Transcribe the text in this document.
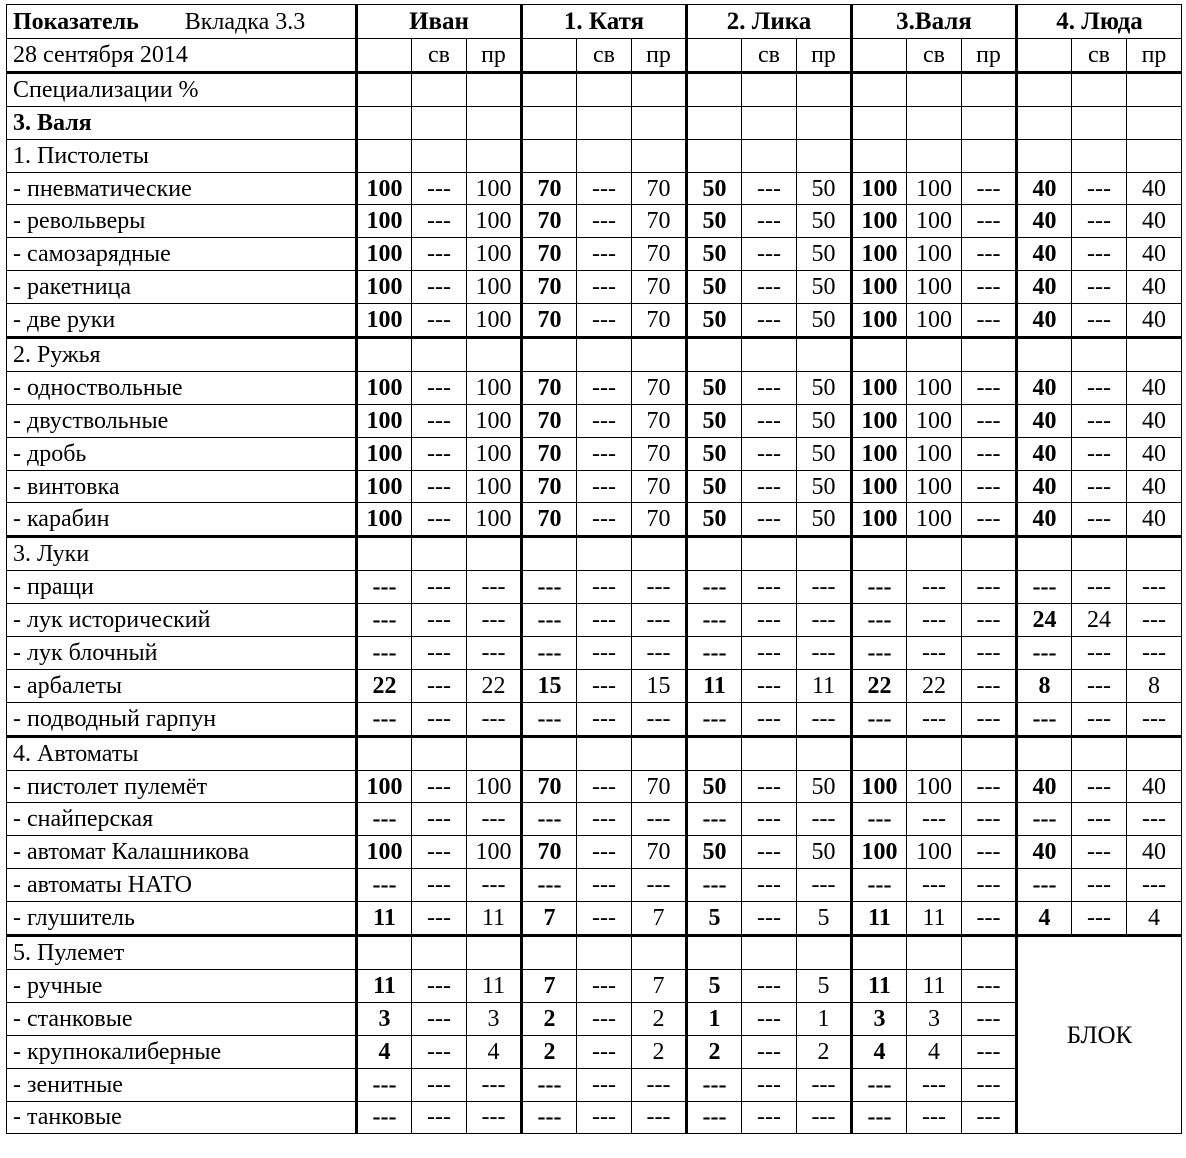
Показатель Вкладка 3.3	Иван			1. Катя			2. Лика			3.Валя			4. Люда		
28 сентября 2014		св	пр		св	пр		св	пр		св	пр		св	пр
Специализации %															
3. Валя															
1. Пистолеты															
- пневматические	100	---	100	70	---	70	50	---	50	100	100	---	40	---	40
- револьверы	100	---	100	70	---	70	50	---	50	100	100	---	40	---	40
- самозарядные	100	---	100	70	---	70	50	---	50	100	100	---	40	---	40
- ракетница	100	---	100	70	---	70	50	---	50	100	100	---	40	---	40
- две руки	100	---	100	70	---	70	50	---	50	100	100	---	40	---	40
2. Ружья															
- одноствольные	100	---	100	70	---	70	50	---	50	100	100	---	40	---	40
- двуствольные	100	---	100	70	---	70	50	---	50	100	100	---	40	---	40
- дробь	100	---	100	70	---	70	50	---	50	100	100	---	40	---	40
- винтовка	100	---	100	70	---	70	50	---	50	100	100	---	40	---	40
- карабин	100	---	100	70	---	70	50	---	50	100	100	---	40	---	40
3. Луки															
- пращи	---	---	---	---	---	---	---	---	---	---	---	---	---	---	---
- лук исторический	---	---	---	---	---	---	---	---	---	---	---	---	24	24	---
- лук блочный	---	---	---	---	---	---	---	---	---	---	---	---	---	---	---
- арбалеты	22	---	22	15	---	15	11	---	11	22	22	---	8	---	8
- подводный гарпун	---	---	---	---	---	---	---	---	---	---	---	---	---	---	---
4. Автоматы															
- пистолет пулемёт	100	---	100	70	---	70	50	---	50	100	100	---	40	---	40
- снайперская	---	---	---	---	---	---	---	---	---	---	---	---	---	---	---
- автомат Калашникова	100	---	100	70	---	70	50	---	50	100	100	---	40	---	40
- автоматы НАТО	---	---	---	---	---	---	---	---	---	---	---	---	---	---	---
- глушитель	11	---	11	7	---	7	5	---	5	11	11	---	4	---	4
5. Пулемет													БЛОК		
- ручные	11	---	11	7	---	7	5	---	5	11	11	---			
- станковые	3	---	3	2	---	2	1	---	1	3	3	---			
- крупнокалиберные	4	---	4	2	---	2	2	---	2	4	4	---			
- зенитные	---	---	---	---	---	---	---	---	---	---	---	---			
- танковые	---	---	---	---	---	---	---	---	---	---	---	---			
